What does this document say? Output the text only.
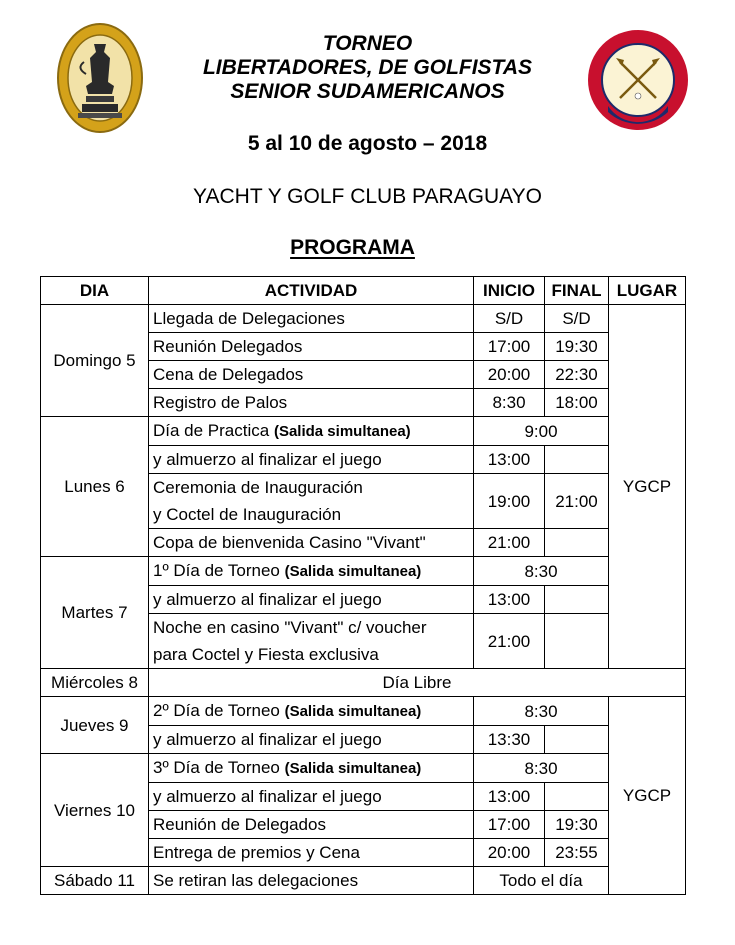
TORNEO
LIBERTADORES, DE GOLFISTAS
SENIOR SUDAMERICANOS
5 al 10 de agosto – 2018
YACHT Y GOLF CLUB PARAGUAYO
PROGRAMA
DIA	ACTIVIDAD	INICIO	FINAL	LUGAR
Domingo 5	Llegada de Delegaciones	S/D	S/D	YGCP
	Reunión Delegados	17:00	19:30	
	Cena de Delegados	20:00	22:30	
	Registro de Palos	8:30	18:00	
Lunes 6	Día de Practica (Salida simultanea)	9:00		
	y almuerzo al finalizar el juego	13:00		
	Ceremonia de Inauguración	19:00	21:00	
	y Coctel de Inauguración			
	Copa de bienvenida Casino "Vivant"	21:00		
Martes 7	1º Día de Torneo (Salida simultanea)	8:30		
	y almuerzo al finalizar el juego	13:00		
	Noche en casino "Vivant" c/ voucher	21:00		
	para Coctel y Fiesta exclusiva			
Miércoles 8	Día Libre			
Jueves 9	2º Día de Torneo (Salida simultanea)	8:30		YGCP
	y almuerzo al finalizar el juego	13:30		
Viernes 10	3º Día de Torneo (Salida simultanea)	8:30		
	y almuerzo al finalizar el juego	13:00		
	Reunión de Delegados	17:00	19:30	
	Entrega de premios y Cena	20:00	23:55	
Sábado 11	Se retiran las delegaciones	Todo el día		
